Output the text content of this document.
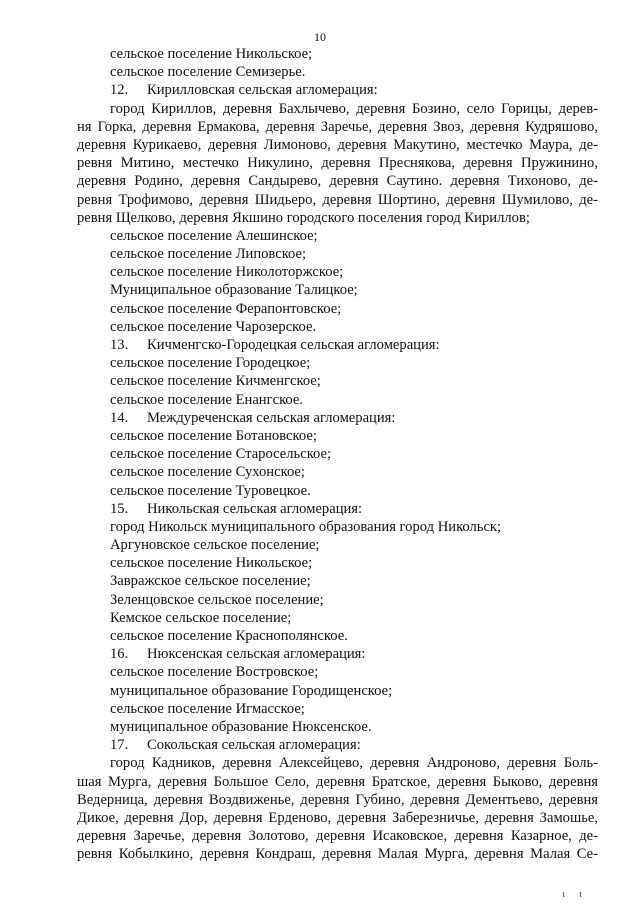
10
сельское поселение Никольское;
сельское поселение Семизерье.
12. Кирилловская сельская агломерация:
город Кириллов, деревня Бахлычево, деревня Бозино, село Горицы, дерев-
ня Горка, деревня Ермакова, деревня Заречье, деревня Звоз, деревня Кудряшово,
деревня Курикаево, деревня Лимоново, деревня Макутино, местечко Маура, де-
ревня Митино, местечко Никулино, деревня Преснякова, деревня Пружинино,
деревня Родино, деревня Сандырево, деревня Саутино. деревня Тихоново, де-
ревня Трофимово, деревня Шидьеро, деревня Шортино, деревня Шумилово, де-
ревня Щелково, деревня Якшино городского поселения город Кириллов;
сельское поселение Алешинское;
сельское поселение Липовское;
сельское поселение Николоторжское;
Муниципальное образование Талицкое;
сельское поселение Ферапонтовское;
сельское поселение Чарозерское.
13. Кичменгско-Городецкая сельская агломерация:
сельское поселение Городецкое;
сельское поселение Кичменгское;
сельское поселение Енангское.
14. Междуреченская сельская агломерация:
сельское поселение Ботановское;
сельское поселение Старосельское;
сельское поселение Сухонское;
сельское поселение Туровецкое.
15. Никольская сельская агломерация:
город Никольск муниципального образования город Никольск;
Аргуновское сельское поселение;
сельское поселение Никольское;
Завражское сельское поселение;
Зеленцовское сельское поселение;
Кемское сельское поселение;
сельское поселение Краснополянское.
16. Нюксенская сельская агломерация:
сельское поселение Востровское;
муниципальное образование Городищенское;
сельское поселение Игмасское;
муниципальное образование Нюксенское.
17. Сокольская сельская агломерация:
город Кадников, деревня Алексейцево, деревня Андроново, деревня Боль-
шая Мурга, деревня Большое Село, деревня Братское, деревня Быково, деревня
Ведерница, деревня Воздвиженье, деревня Губино, деревня Дементьево, деревня
Дикое, деревня Дор, деревня Ерденово, деревня Заберезничье, деревня Замошье,
деревня Заречье, деревня Золотово, деревня Исаковское, деревня Казарное, де-
ревня Кобылкино, деревня Кондраш, деревня Малая Мурга, деревня Малая Се-
ι ι
